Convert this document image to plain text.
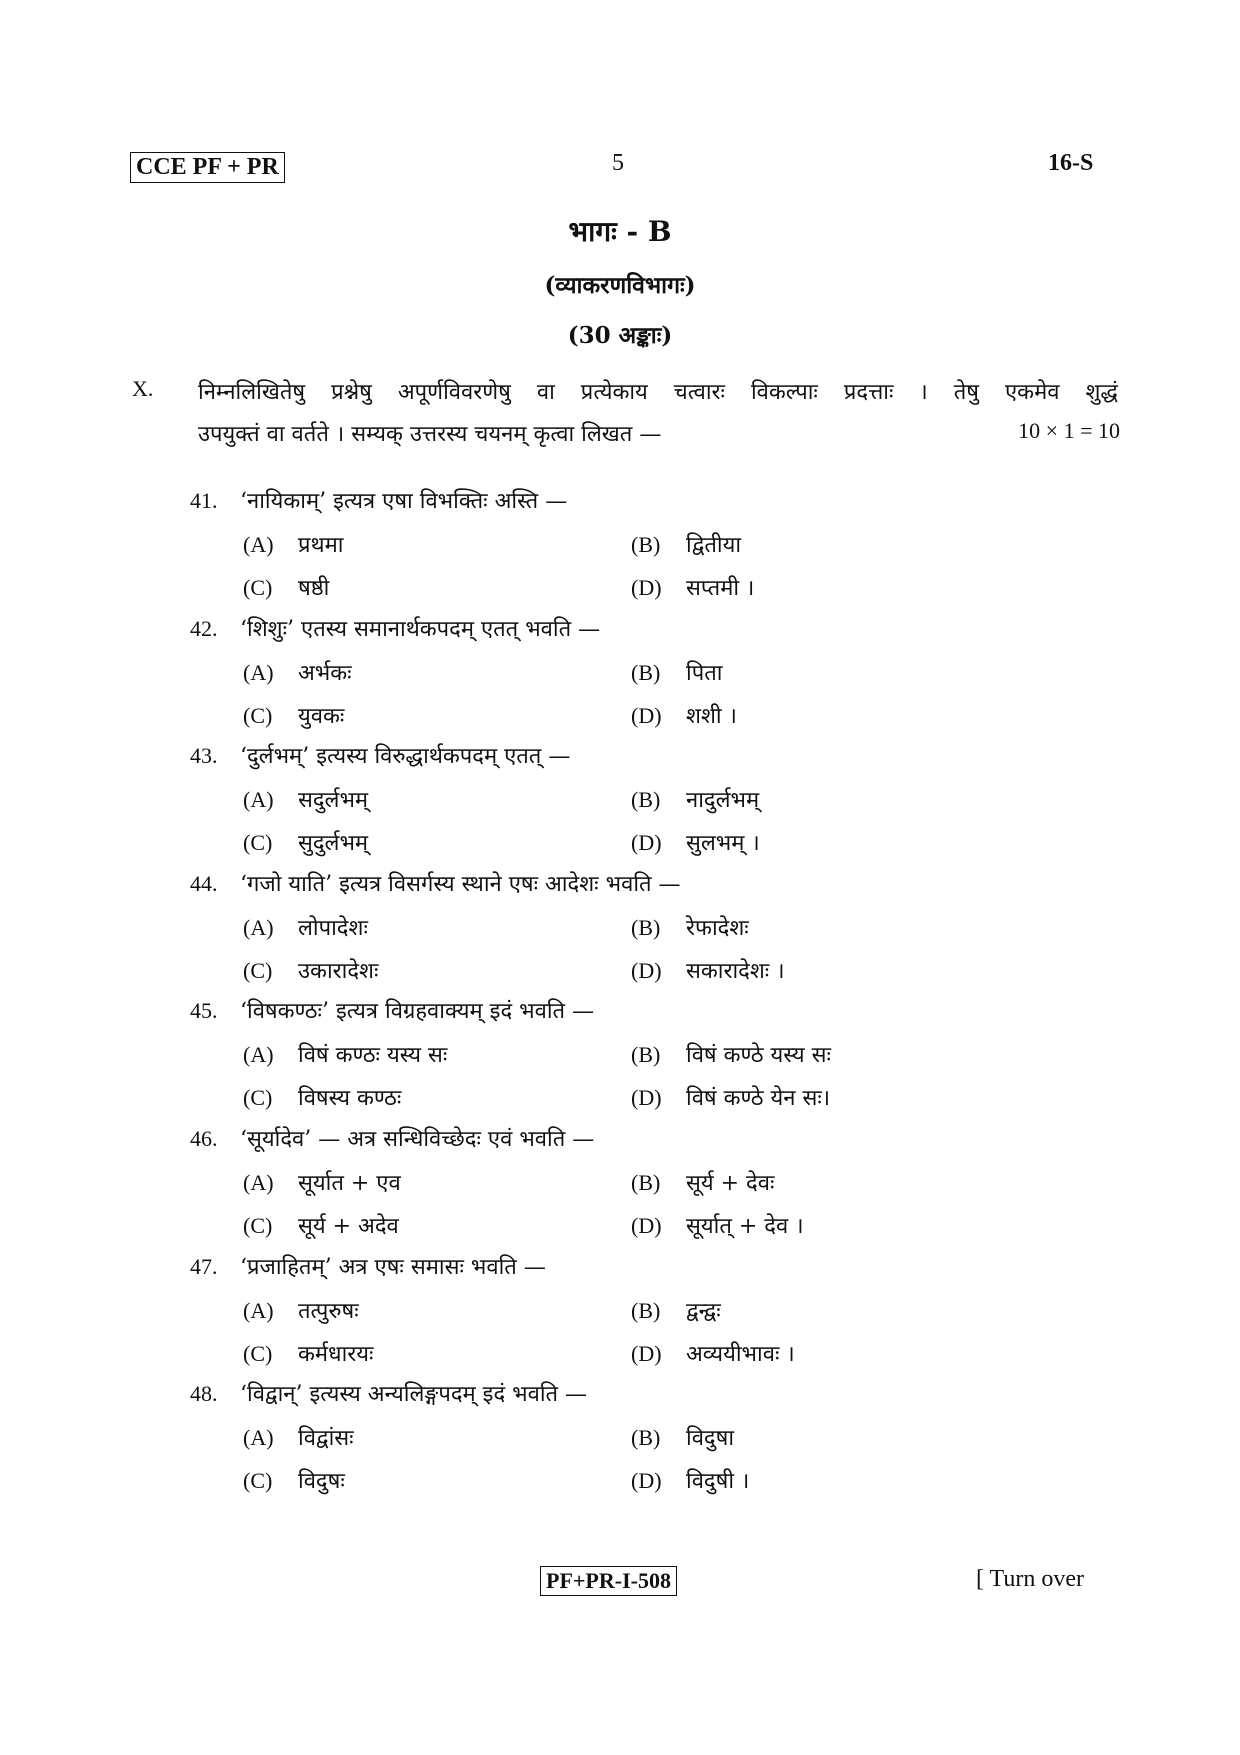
CCE PF + PR	5	16-S
भागः - B
(व्याकरणविभागः)
(30 अङ्काः)
X. निम्नलिखितेषु प्रश्नेषु अपूर्णविवरणेषु वा प्रत्येकाय चत्वारः विकल्पाः प्रदत्ताः । तेषु एकमेव शुद्धं
उपयुक्तं वा वर्तते । सम्यक् उत्तरस्य चयनम् कृत्वा लिखत —	10 × 1 = 10
41. ‘नायिकाम्’ इत्यत्र एषा विभक्तिः अस्ति —
(A) प्रथमा	(B) द्वितीया
(C) षष्ठी	(D) सप्तमी ।
42. ‘शिशुः’ एतस्य समानार्थकपदम् एतत् भवति —
(A) अर्भकः	(B) पिता
(C) युवकः	(D) शशी ।
43. ‘दुर्लभम्’ इत्यस्य विरुद्धार्थकपदम् एतत् —
(A) सदुर्लभम्	(B) नादुर्लभम्
(C) सुदुर्लभम्	(D) सुलभम् ।
44. ‘गजो याति’ इत्यत्र विसर्गस्य स्थाने एषः आदेशः भवति —
(A) लोपादेशः	(B) रेफादेशः
(C) उकारादेशः	(D) सकारादेशः ।
45. ‘विषकण्ठः’ इत्यत्र विग्रहवाक्यम् इदं भवति —
(A) विषं कण्ठः यस्य सः	(B) विषं कण्ठे यस्य सः
(C) विषस्य कण्ठः	(D) विषं कण्ठे येन सः।
46. ‘सूर्यादेव’ — अत्र सन्धिविच्छेदः एवं भवति —
(A) सूर्यात + एव	(B) सूर्य + देवः
(C) सूर्य + अदेव	(D) सूर्यात् + देव ।
47. ‘प्रजाहितम्’ अत्र एषः समासः भवति —
(A) तत्पुरुषः	(B) द्वन्द्वः
(C) कर्मधारयः	(D) अव्ययीभावः ।
48. ‘विद्वान्’ इत्यस्य अन्यलिङ्गपदम् इदं भवति —
(A) विद्वांसः	(B) विदुषा
(C) विदुषः	(D) विदुषी ।
PF+PR-I-508	[ Turn over
